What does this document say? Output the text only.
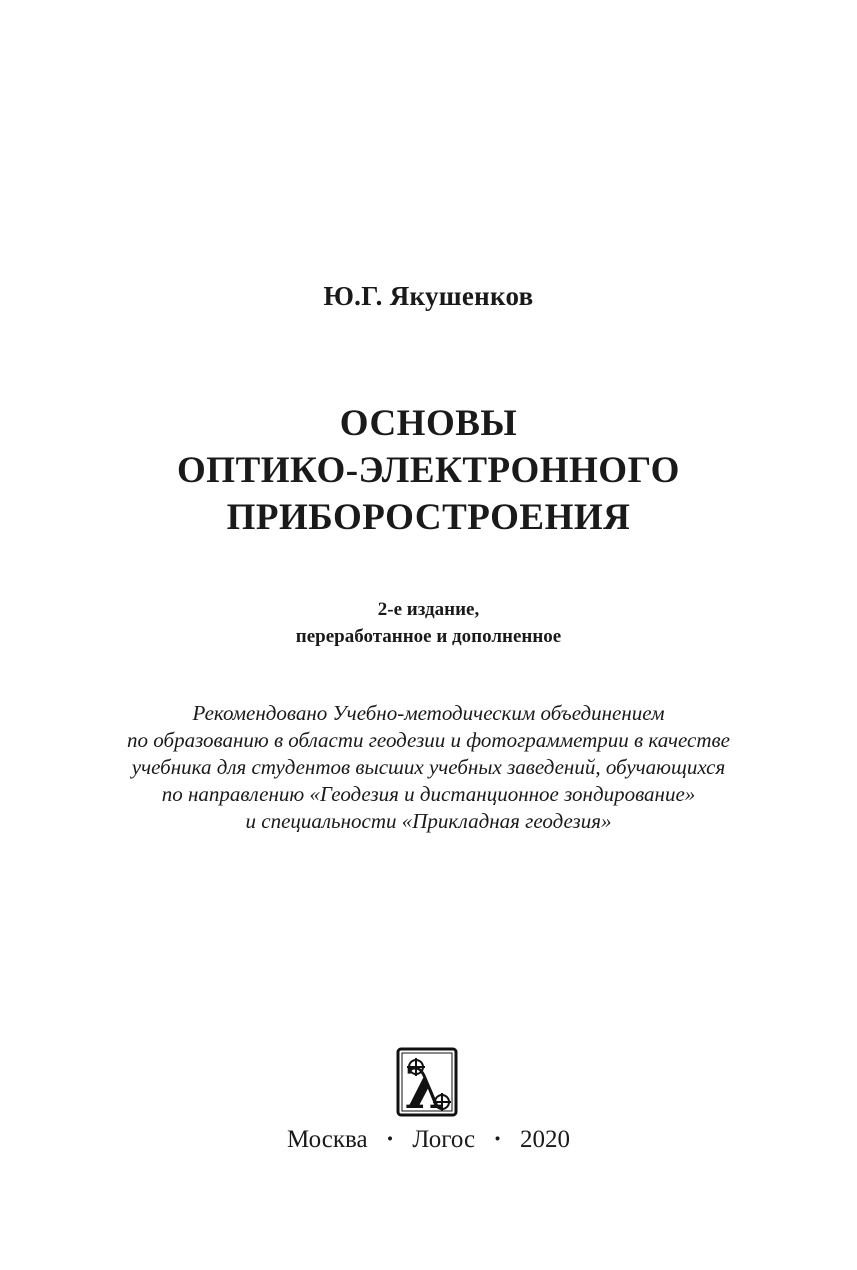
Ю.Г. Якушенков
ОСНОВЫ
ОПТИКО-ЭЛЕКТРОННОГО
ПРИБОРОСТРОЕНИЯ
2-е издание,
переработанное и дополненное
Рекомендовано Учебно-методическим объединением
по образованию в области геодезии и фотограмметрии в качестве
учебника для студентов высших учебных заведений, обучающихся
по направлению «Геодезия и дистанционное зондирование»
и специальности «Прикладная геодезия»
λ
Москва · Логос · 2020
